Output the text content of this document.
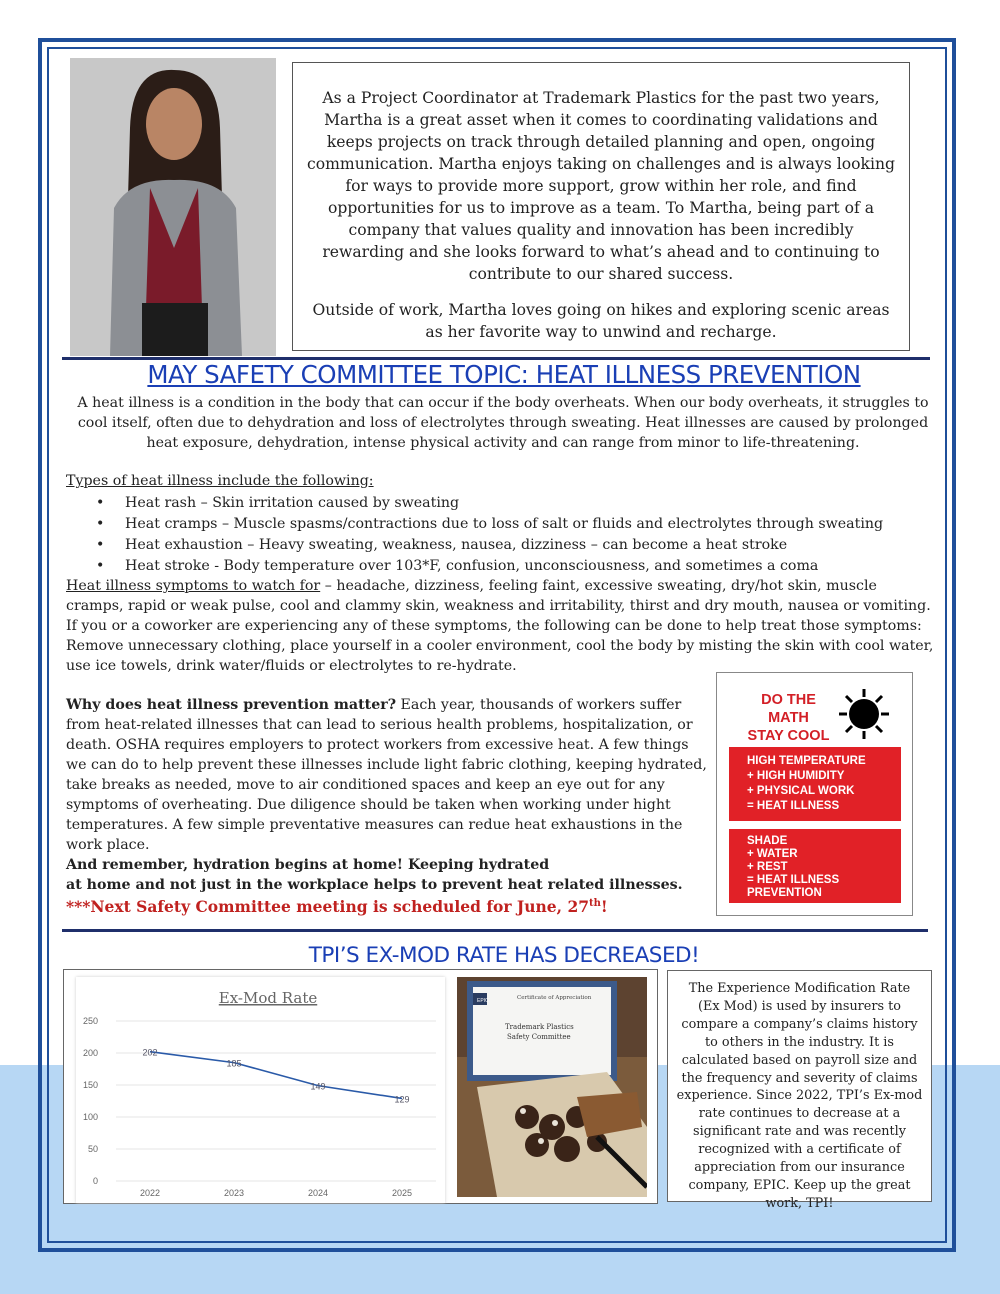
As a Project Coordinator at Trademark Plastics for the past two years, Martha is a great asset when it comes to coordinating validations and keeps projects on track through detailed planning and open, ongoing communication. Martha enjoys taking on challenges and is always looking for ways to provide more support, grow within her role, and find opportunities for us to improve as a team. To Martha, being part of a company that values quality and innovation has been incredibly rewarding and she looks forward to what’s ahead and to continuing to contribute to our shared success.

Outside of work, Martha loves going on hikes and exploring scenic areas as her favorite way to unwind and recharge.

MAY SAFETY COMMITTEE TOPIC: HEAT ILLNESS PREVENTION
A heat illness is a condition in the body that can occur if the body overheats. When our body overheats, it struggles to cool itself, often due to dehydration and loss of electrolytes through sweating. Heat illnesses are caused by prolonged heat exposure, dehydration, intense physical activity and can range from minor to life-threatening.
Types of heat illness include the following:
• Heat rash – Skin irritation caused by sweating
• Heat cramps – Muscle spasms/contractions due to loss of salt or fluids and electrolytes through sweating
• Heat exhaustion – Heavy sweating, weakness, nausea, dizziness – can become a heat stroke
• Heat stroke - Body temperature over 103*F, confusion, unconsciousness, and sometimes a coma
Heat illness symptoms to watch for – headache, dizziness, feeling faint, excessive sweating, dry/hot skin, muscle cramps, rapid or weak pulse, cool and clammy skin, weakness and irritability, thirst and dry mouth, nausea or vomiting.
If you or a coworker are experiencing any of these symptoms, the following can be done to help treat those symptoms: Remove unnecessary clothing, place yourself in a cooler environment, cool the body by misting the skin with cool water, use ice towels, drink water/fluids or electrolytes to re-hydrate.
Why does heat illness prevention matter? Each year, thousands of workers suffer from heat-related illnesses that can lead to serious health problems, hospitalization, or death. OSHA requires employers to protect workers from excessive heat. A few things we can do to help prevent these illnesses include light fabric clothing, keeping hydrated, take breaks as needed, move to air conditioned spaces and keep an eye out for any symptoms of overheating. Due diligence should be taken when working under hight temperatures. A few simple preventative measures can redue heat exhaustions in the work place.
And remember, hydration begins at home! Keeping hydrated
at home and not just in the workplace helps to prevent heat related illnesses.
***Next Safety Committee meeting is scheduled for June, 27th!
DO THE
MATH
STAY COOL
HIGH TEMPERATURE
+ HIGH HUMIDITY
+ PHYSICAL WORK
= HEAT ILLNESS
SHADE
+ WATER
+ REST
= HEAT ILLNESS
PREVENTION
TPI’S EX-MOD RATE HAS DECREASED!
Ex-Mod Rate
0
50
100
150
200
250
2022	2023	2024	2025
202
185
149
129
EPIC	Certificate of Appreciation
Trademark Plastics
Safety Committee
The Experience Modification Rate (Ex Mod) is used by insurers to compare a company’s claims history to others in the industry. It is calculated based on payroll size and the frequency and severity of claims experience. Since 2022, TPI’s Ex-mod rate continues to decrease at a significant rate and was recently recognized with a certificate of appreciation from our insurance company, EPIC. Keep up the great work, TPI!
